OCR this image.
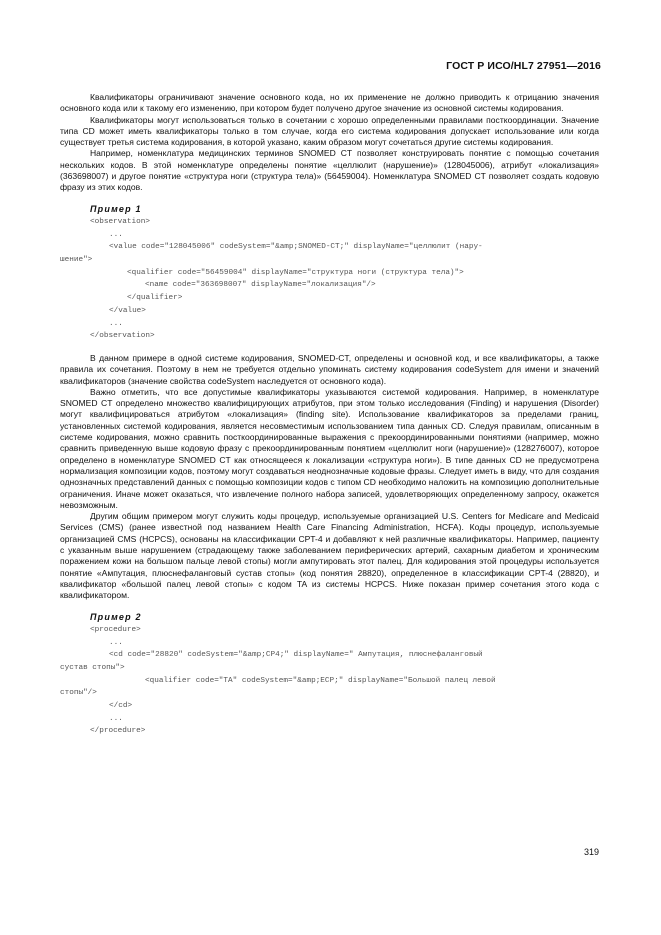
ГОСТ Р ИСО/HL7 27951—2016

Квалификаторы ограничивают значение основного кода, но их применение не должно приводить к отрицанию значения основного кода или к такому его изменению, при котором будет получено другое значение из основной системы кодирования.

Квалификаторы могут использоваться только в сочетании с хорошо определенными правилами посткоординации. Значение типа CD может иметь квалификаторы только в том случае, когда его система кодирования допускает использование или когда существует третья система кодирования, в которой указано, каким образом могут сочетаться другие системы кодирования.

Например, номенклатура медицинских терминов SNOMED CT позволяет конструировать понятие с помощью сочетания нескольких кодов. В этой номенклатуре определены понятие «целлюлит (нарушение)» (128045006), атрибут «локализация» (363698007) и другое понятие «структура ноги (структура тела)» (56459004). Номенклатура SNOMED CT позволяет создать кодовую фразу из этих кодов.

Пример 1
<observation>
...
<value code="128045006" codeSystem="&amp;SNOMED-CT;" displayName="целлюлит (нару-
шение">
<qualifier code="56459004" displayName="структура ноги (структура тела)">
<name code="363698007" displayName="локализация"/>
</qualifier>
</value>
...
</observation>

В данном примере в одной системе кодирования, SNOMED-CT, определены и основной код, и все квалификаторы, а также правила их сочетания. Поэтому в нем не требуется отдельно упоминать систему кодирования codeSystem для имени и значений квалификаторов (значение свойства codeSystem наследуется от основного кода).

Важно отметить, что все допустимые квалификаторы указываются системой кодирования. Например, в номенклатуре SNOMED CT определено множество квалифицирующих атрибутов, при этом только исследования (Finding) и нарушения (Disorder) могут квалифицироваться атрибутом «локализация» (finding site). Использование квалификаторов за пределами границ, установленных системой кодирования, является несовместимым использованием типа данных CD. Следуя правилам, описанным в системе кодирования, можно сравнить посткоординированные выражения с прекоординированными понятиями (например, можно сравнить приведенную выше кодовую фразу с прекоординированным понятием «целлюлит ноги (нарушение)» (128276007), которое определено в номенклатуре SNOMED CT как относящееся к локализации «структура ноги»). В типе данных CD не предусмотрена нормализация композиции кодов, поэтому могут создаваться неоднозначные кодовые фразы. Следует иметь в виду, что для создания однозначных представлений данных с помощью композиции кодов с типом CD необходимо наложить на композицию дополнительные ограничения. Иначе может оказаться, что извлечение полного набора записей, удовлетворяющих определенному запросу, окажется невозможным.

Другим общим примером могут служить коды процедур, используемые организацией U.S. Centers for Medicare and Medicaid Services (CMS) (ранее известной под названием Health Care Financing Administration, HCFA). Коды процедур, используемые организацией CMS (HCPCS), основаны на классификации CPT-4 и добавляют к ней различные квалификаторы. Например, пациенту с указанным выше нарушением (страдающему также заболеванием периферических артерий, сахарным диабетом и хроническим поражением кожи на большом пальце левой стопы) могли ампутировать этот палец. Для кодирования этой процедуры используется понятие «Ампутация, плюснефаланговый сустав стопы» (код понятия 28820), определенное в классификации CPT-4 (28820), и квалификатор «большой палец левой стопы» с кодом TA из системы HCPCS. Ниже показан пример сочетания этого кода с квалификатором.

Пример 2
<procedure>
...
<cd code="28820" codeSystem="&amp;CP4;" displayName=" Ампутация, плюснефаланговый
сустав стопы">
<qualifier code="TA" codeSystem="&amp;ECP;" displayName="Большой палец левой
стопы"/>
</cd>
...
</procedure>
319
